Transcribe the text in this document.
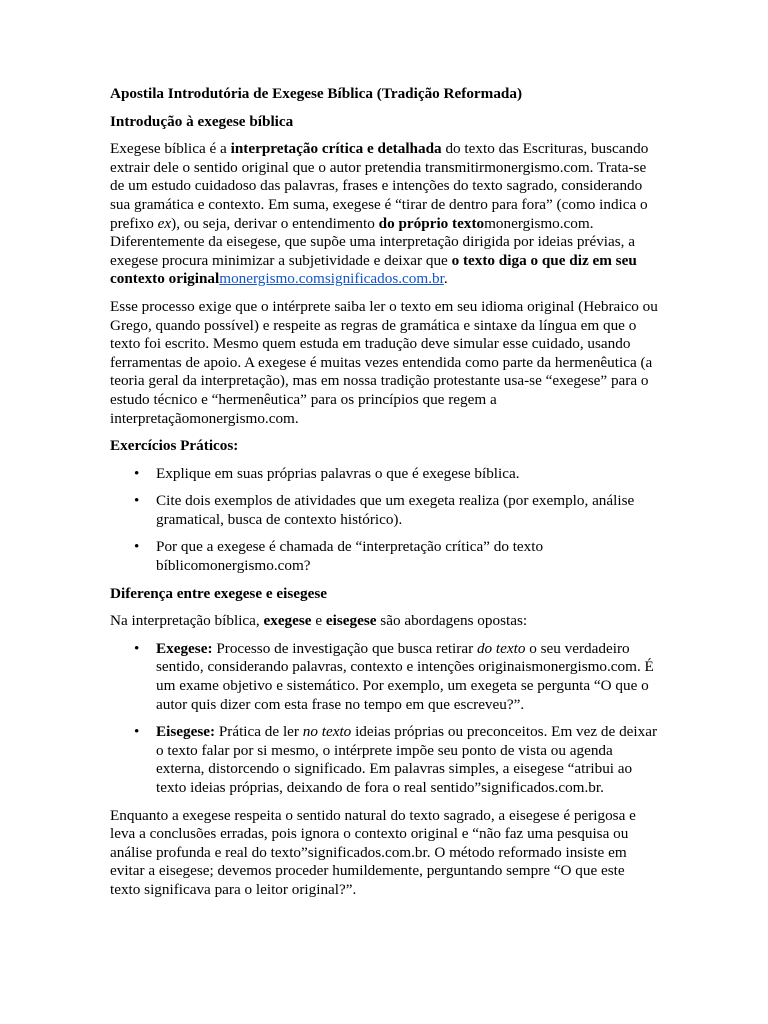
Apostila Introdutória de Exegese Bíblica (Tradição Reformada)
Introdução à exegese bíblica

Exegese bíblica é a interpretação crítica e detalhada do texto das Escrituras, buscando extrair dele o sentido original que o autor pretendia transmitirmonergismo.com. Trata-se de um estudo cuidadoso das palavras, frases e intenções do texto sagrado, considerando sua gramática e contexto. Em suma, exegese é “tirar de dentro para fora” (como indica o prefixo ex), ou seja, derivar o entendimento do próprio textomonergismo.com. Diferentemente da eisegese, que supõe uma interpretação dirigida por ideias prévias, a exegese procura minimizar a subjetividade e deixar que o texto diga o que diz em seu contexto originalmonergismo.comsignificados.com.br.

Esse processo exige que o intérprete saiba ler o texto em seu idioma original (Hebraico ou Grego, quando possível) e respeite as regras de gramática e sintaxe da língua em que o texto foi escrito. Mesmo quem estuda em tradução deve simular esse cuidado, usando ferramentas de apoio. A exegese é muitas vezes entendida como parte da hermenêutica (a teoria geral da interpretação), mas em nossa tradição protestante usa-se “exegese” para o estudo técnico e “hermenêutica” para os princípios que regem a interpretaçãomonergismo.com.

Exercícios Práticos:
• Explique em suas próprias palavras o que é exegese bíblica.
• Cite dois exemplos de atividades que um exegeta realiza (por exemplo, análise gramatical, busca de contexto histórico).
• Por que a exegese é chamada de “interpretação crítica” do texto bíblicomonergismo.com?
Diferença entre exegese e eisegese

Na interpretação bíblica, exegese e eisegese são abordagens opostas:

• Exegese: Processo de investigação que busca retirar do texto o seu verdadeiro sentido, considerando palavras, contexto e intenções originaismonergismo.com. É um exame objetivo e sistemático. Por exemplo, um exegeta se pergunta “O que o autor quis dizer com esta frase no tempo em que escreveu?”.
• Eisegese: Prática de ler no texto ideias próprias ou preconceitos. Em vez de deixar o texto falar por si mesmo, o intérprete impõe seu ponto de vista ou agenda externa, distorcendo o significado. Em palavras simples, a eisegese “atribui ao texto ideias próprias, deixando de fora o real sentido”significados.com.br.

Enquanto a exegese respeita o sentido natural do texto sagrado, a eisegese é perigosa e leva a conclusões erradas, pois ignora o contexto original e “não faz uma pesquisa ou análise profunda e real do texto”significados.com.br. O método reformado insiste em evitar a eisegese; devemos proceder humildemente, perguntando sempre “O que este texto significava para o leitor original?”.
